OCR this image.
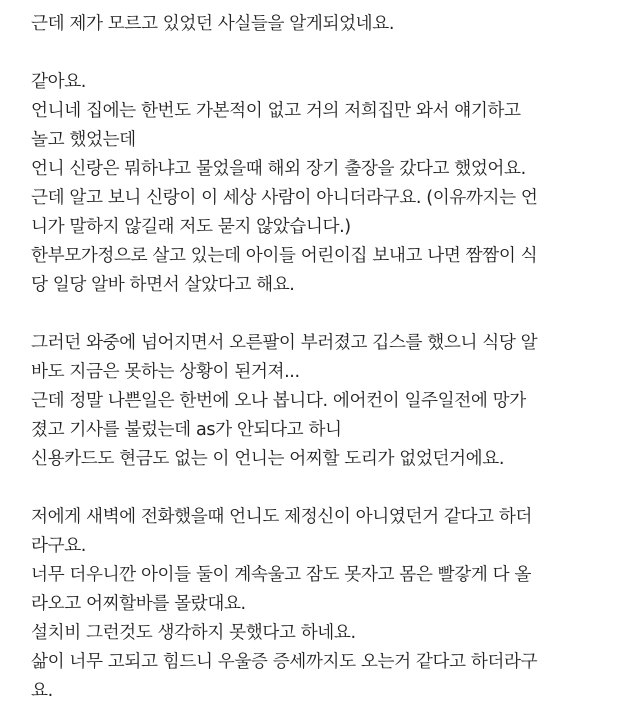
근데 제가 모르고 있었던 사실들을 알게되었네요.
같아요.
언니네 집에는 한번도 가본적이 없고 거의 저희집만 와서 얘기하고
놀고 했었는데
언니 신랑은 뭐하냐고 물었을때 해외 장기 출장을 갔다고 했었어요.
근데 알고 보니 신랑이 이 세상 사람이 아니더라구요. (이유까지는 언
니가 말하지 않길래 저도 묻지 않았습니다.)
한부모가정으로 살고 있는데 아이들 어린이집 보내고 나면 짬짬이 식
당 일당 알바 하면서 살았다고 해요.
그러던 와중에 넘어지면서 오른팔이 부러졌고 깁스를 했으니 식당 알
바도 지금은 못하는 상황이 된거져...
근데 정말 나쁜일은 한번에 오나 봅니다. 에어컨이 일주일전에 망가
졌고 기사를 불렀는데 as가 안되다고 하니
신용카드도 현금도 없는 이 언니는 어찌할 도리가 없었던거에요.
저에게 새벽에 전화했을때 언니도 제정신이 아니였던거 같다고 하더
라구요.
너무 더우니깐 아이들 둘이 계속울고 잠도 못자고 몸은 빨갛게 다 올
라오고 어찌할바를 몰랐대요.
설치비 그런것도 생각하지 못했다고 하네요.
삶이 너무 고되고 힘드니 우울증 증세까지도 오는거 같다고 하더라구
요.
